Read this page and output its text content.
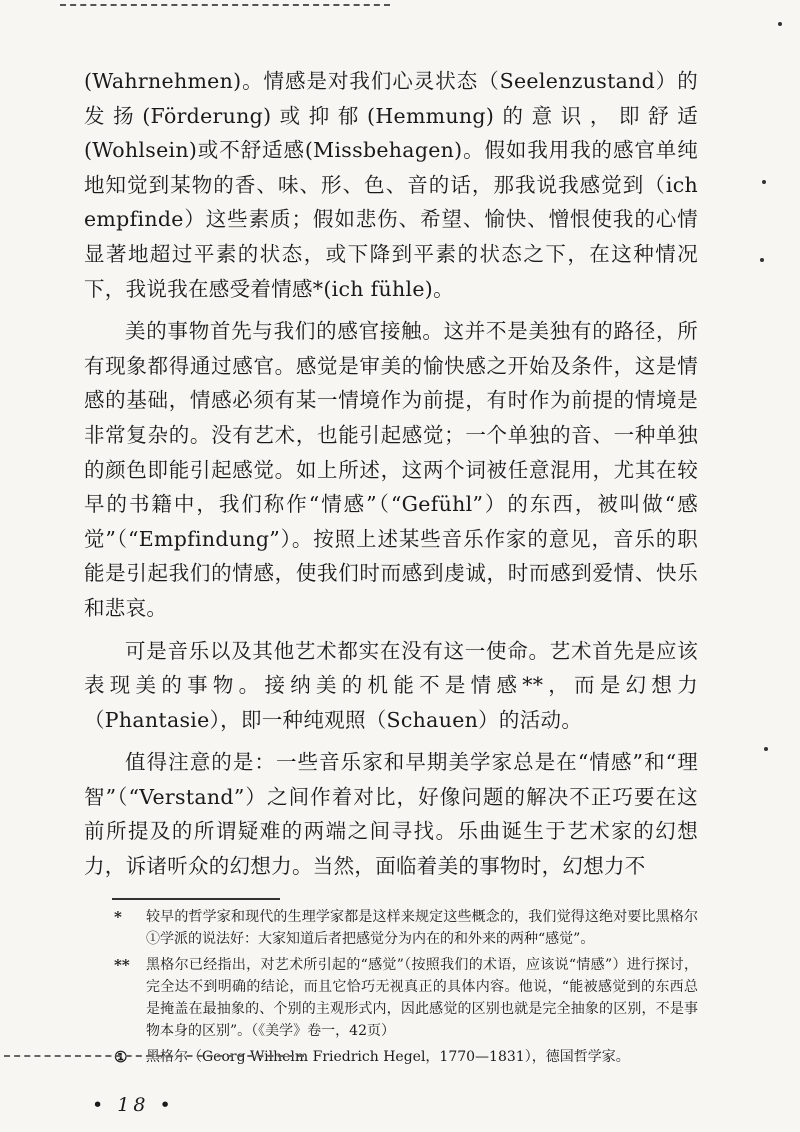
(Wahrnehmen)。情感是对我们心灵状态（Seelenzustand）的发扬(Förderung)或抑郁(Hemmung)的意识，即舒适(Wohlsein)或不舒适感(Missbehagen)。假如我用我的感官单纯地知觉到某物的香、味、形、色、音的话，那我说我感觉到（ich empfinde）这些素质；假如悲伤、希望、愉快、憎恨使我的心情显著地超过平素的状态，或下降到平素的状态之下，在这种情况下，我说我在感受着情感*(ich fühle)。

美的事物首先与我们的感官接触。这并不是美独有的路径，所有现象都得通过感官。感觉是审美的愉快感之开始及条件，这是情感的基础，情感必须有某一情境作为前提，有时作为前提的情境是非常复杂的。没有艺术，也能引起感觉；一个单独的音、一种单独的颜色即能引起感觉。如上所述，这两个词被任意混用，尤其在较早的书籍中，我们称作“情感”（“Gefühl”）的东西，被叫做“感觉”（“Empfindung”）。按照上述某些音乐作家的意见，音乐的职能是引起我们的情感，使我们时而感到虔诚，时而感到爱情、快乐和悲哀。

可是音乐以及其他艺术都实在没有这一使命。艺术首先是应该表现美的事物。接纳美的机能不是情感**，而是幻想力（Phantasie），即一种纯观照（Schauen）的活动。

值得注意的是：一些音乐家和早期美学家总是在“情感”和“理智”（“Verstand”）之间作着对比，好像问题的解决不正巧要在这前所提及的所谓疑难的两端之间寻找。乐曲诞生于艺术家的幻想力，诉诸听众的幻想力。当然，面临着美的事物时，幻想力不

*	较早的哲学家和现代的生理学家都是这样来规定这些概念的，我们觉得这绝对要比黑格尔①学派的说法好：大家知道后者把感觉分为内在的和外来的两种“感觉”。
**	黑格尔已经指出，对艺术所引起的“感觉”（按照我们的术语，应该说“情感”）进行探讨，完全达不到明确的结论，而且它恰巧无视真正的具体内容。他说，“能被感觉到的东西总是掩盖在最抽象的、个别的主观形式内，因此感觉的区别也就是完全抽象的区别，不是事物本身的区别”。（《美学》卷一，42页）
①	黑格尔（Georg Wilhelm Friedrich Hegel，1770—1831），德国哲学家。
• 18 •
